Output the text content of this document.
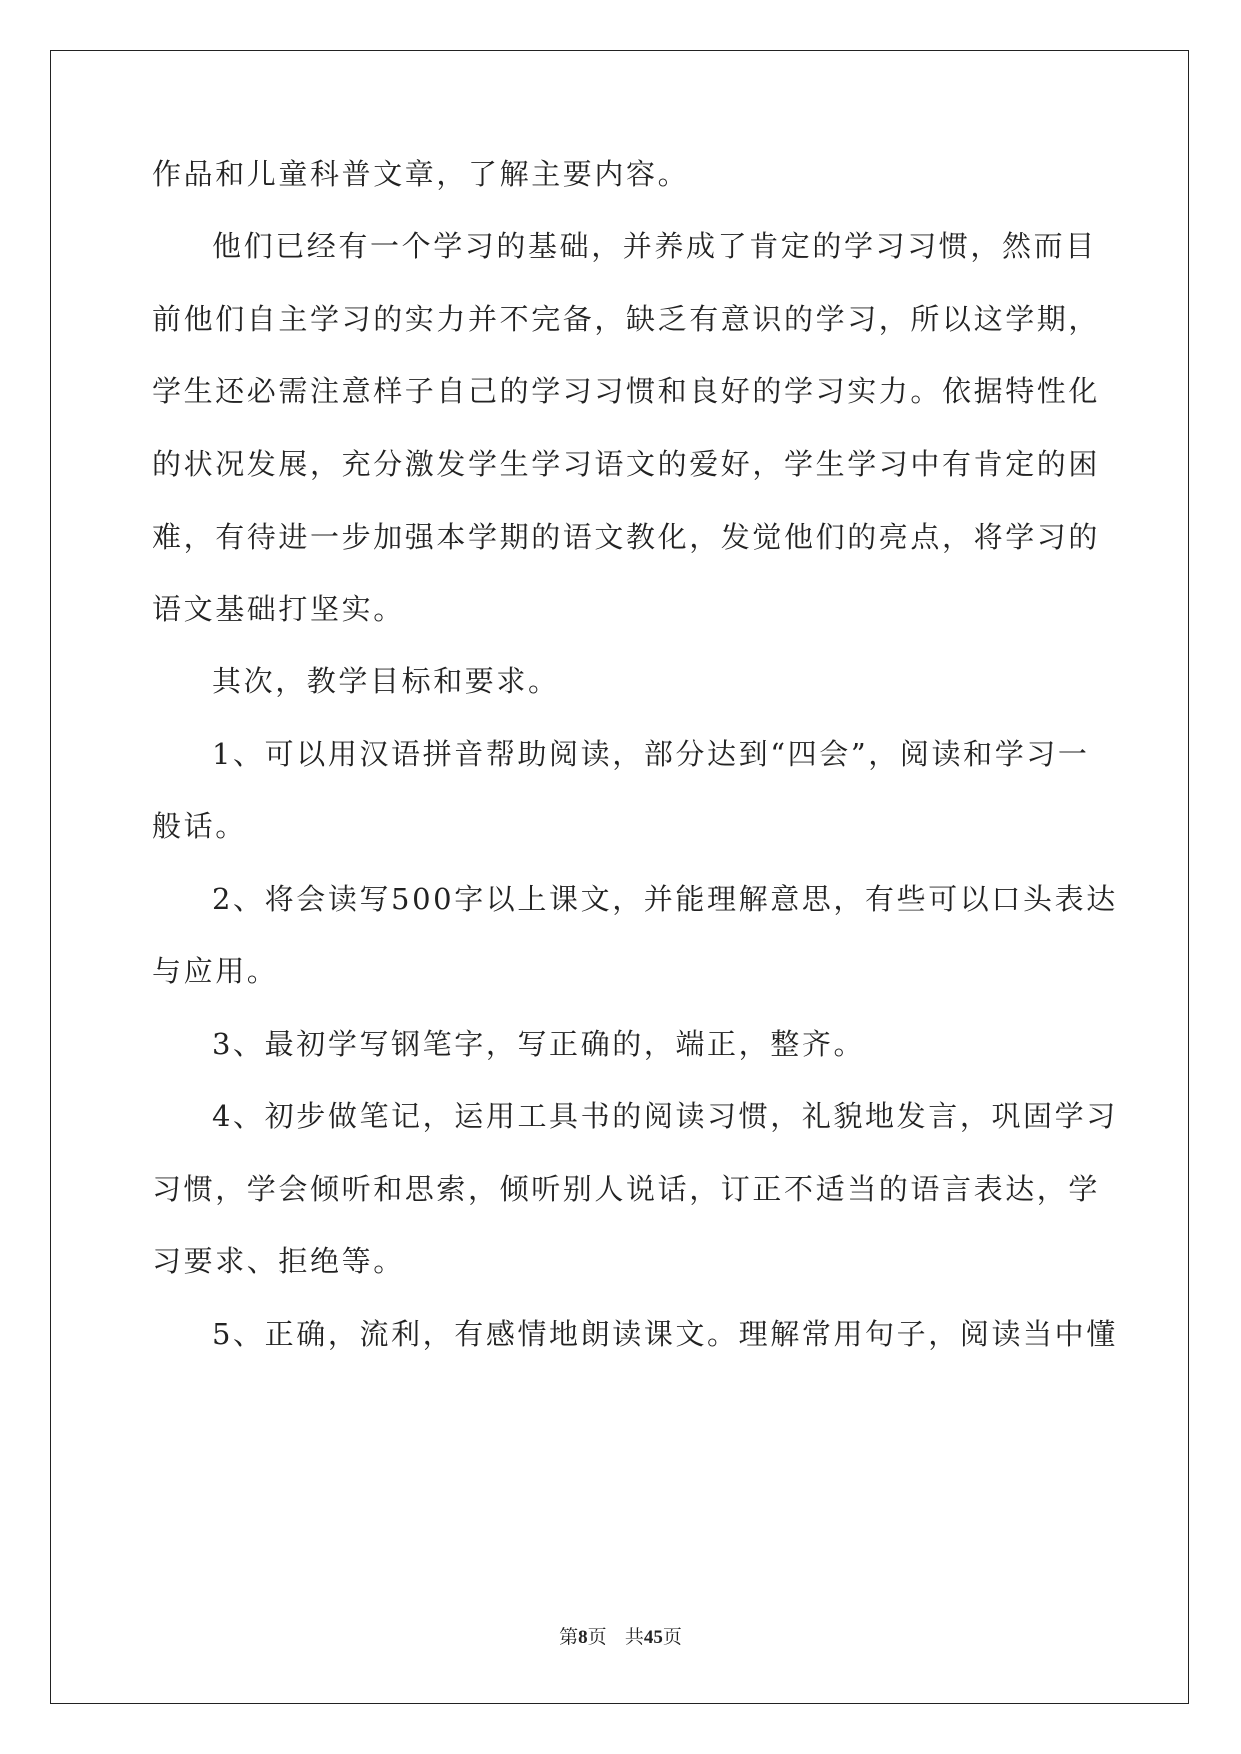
作品和儿童科普文章，了解主要内容。
他们已经有一个学习的基础，并养成了肯定的学习习惯，然而目
前他们自主学习的实力并不完备，缺乏有意识的学习，所以这学期，
学生还必需注意样子自己的学习习惯和良好的学习实力。依据特性化
的状况发展，充分激发学生学习语文的爱好，学生学习中有肯定的困
难，有待进一步加强本学期的语文教化，发觉他们的亮点，将学习的
语文基础打坚实。
其次，教学目标和要求。
1、可以用汉语拼音帮助阅读，部分达到“四会”，阅读和学习一
般话。
2、将会读写500字以上课文，并能理解意思，有些可以口头表达
与应用。
3、最初学写钢笔字，写正确的，端正，整齐。
4、初步做笔记，运用工具书的阅读习惯，礼貌地发言，巩固学习
习惯，学会倾听和思索，倾听别人说话，订正不适当的语言表达，学
习要求、拒绝等。
5、正确，流利，有感情地朗读课文。理解常用句子，阅读当中懂
第8页 共45页
